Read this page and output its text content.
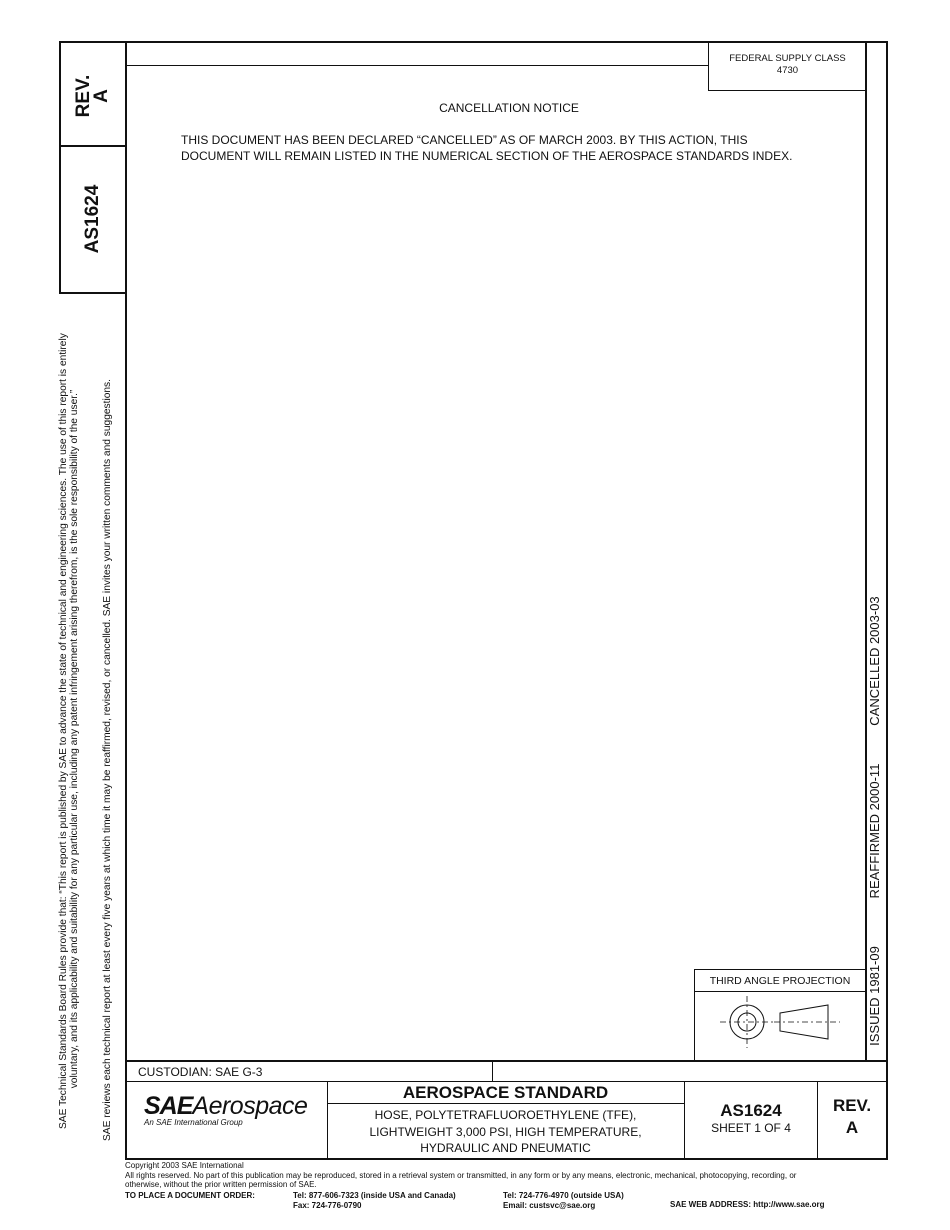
REV.
A
AS1624
SAE Technical Standards Board Rules provide that: “This report is published by SAE to advance the state of technical and engineering sciences. The use of this report is entirely voluntary, and its applicability and suitability for any particular use, including any patent infringement arising therefrom, is the sole responsibility of the user.” SAE reviews each technical report at least every five years at which time it may be reaffirmed, revised, or cancelled. SAE invites your written comments and suggestions.
FEDERAL SUPPLY CLASS
4730
CANCELLATION NOTICE
THIS DOCUMENT HAS BEEN DECLARED “CANCELLED” AS OF MARCH 2003. BY THIS ACTION, THIS
DOCUMENT WILL REMAIN LISTED IN THE NUMERICAL SECTION OF THE AEROSPACE STANDARDS INDEX.
ISSUED 1981-09
REAFFIRMED 2000-11
CANCELLED 2003-03
THIRD ANGLE PROJECTION
CUSTODIAN: SAE G-3
SAEAerospace
An SAE International Group
AEROSPACE STANDARD
HOSE, POLYTETRAFLUOROETHYLENE (TFE),
LIGHTWEIGHT 3,000 PSI, HIGH TEMPERATURE,
HYDRAULIC AND PNEUMATIC
AS1624
SHEET 1 OF 4
REV.
A
Copyright 2003 SAE International
All rights reserved. No part of this publication may be reproduced, stored in a retrieval system or transmitted, in any form or by any means, electronic, mechanical, photocopying, recording, or
otherwise, without the prior written permission of SAE.
TO PLACE A DOCUMENT ORDER:	Tel: 877-606-7323 (inside USA and Canada)
Fax: 724-776-0790
Tel: 724-776-4970 (outside USA)
Email: custsvc@sae.org	SAE WEB ADDRESS: http://www.sae.org
